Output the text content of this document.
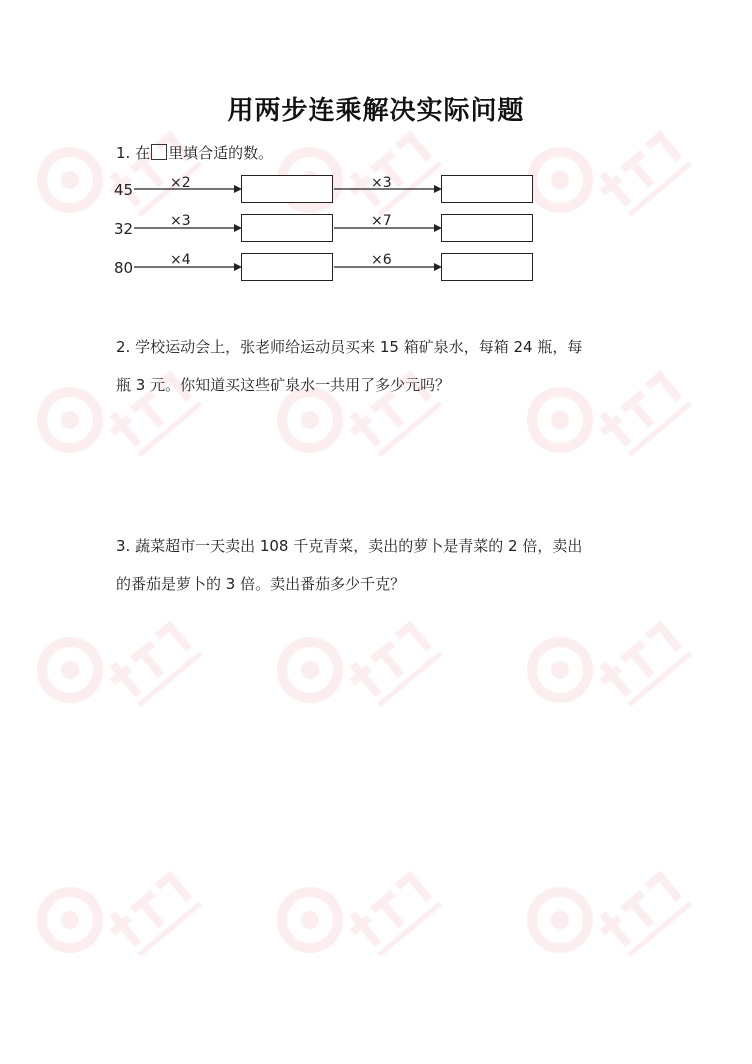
用两步连乘解决实际问题
1. 在 里填合适的数。
45	×2	×3
32	×3	×7
80	×4	×6
2. 学校运动会上，张老师给运动员买来 15 箱矿泉水，每箱 24 瓶，每
瓶 3 元。你知道买这些矿泉水一共用了多少元吗？
3. 蔬菜超市一天卖出 108 千克青菜，卖出的萝卜是青菜的 2 倍，卖出
的番茄是萝卜的 3 倍。卖出番茄多少千克？
